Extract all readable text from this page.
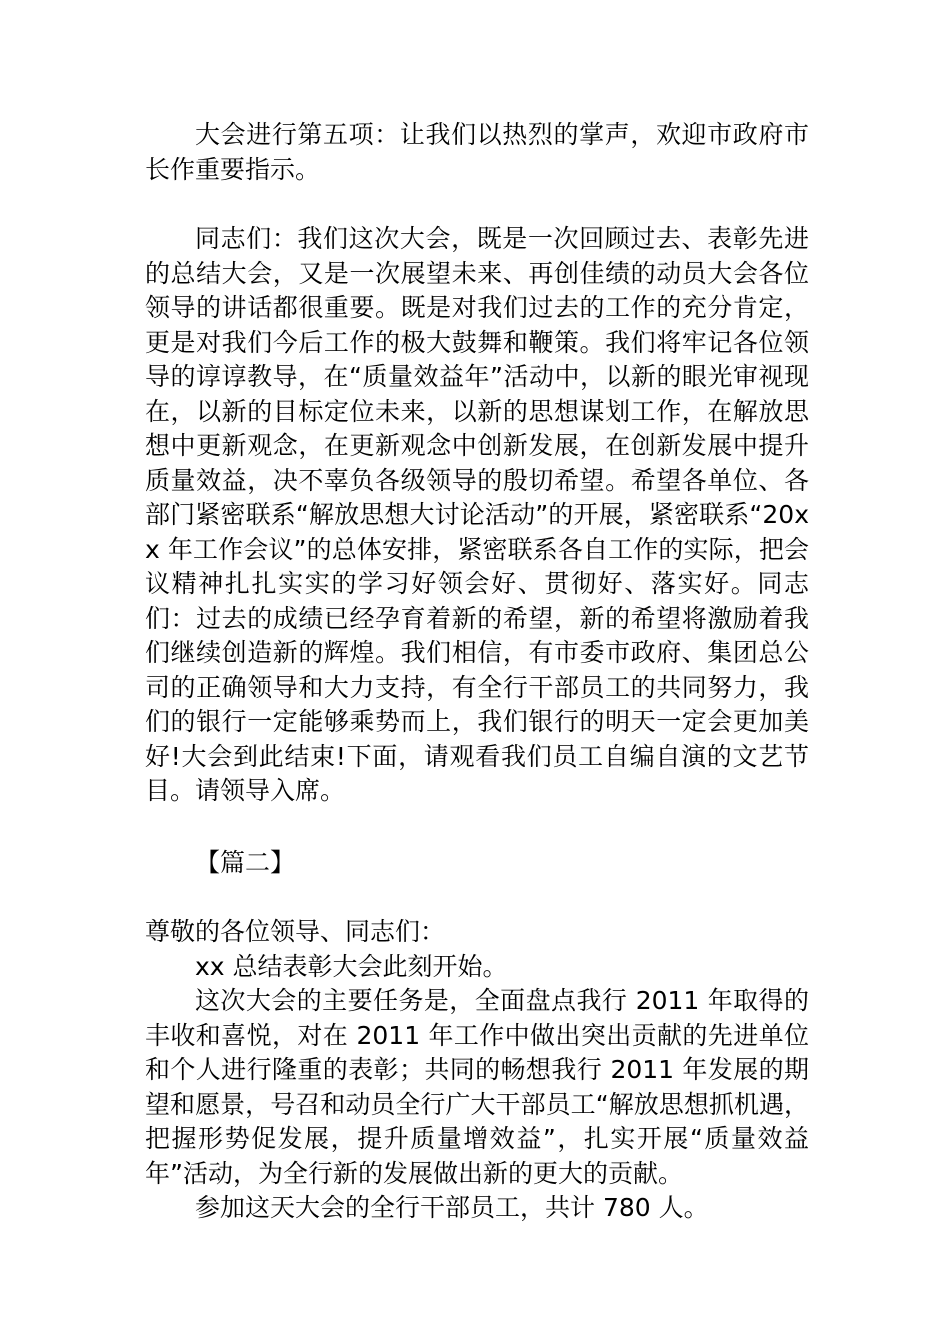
大会进行第五项：让我们以热烈的掌声，欢迎市政府市长作重要指示。

同志们：我们这次大会，既是一次回顾过去、表彰先进的总结大会，又是一次展望未来、再创佳绩的动员大会各位领导的讲话都很重要。既是对我们过去的工作的充分肯定，更是对我们今后工作的极大鼓舞和鞭策。我们将牢记各位领导的谆谆教导，在“质量效益年”活动中，以新的眼光审视现在，以新的目标定位未来，以新的思想谋划工作，在解放思想中更新观念，在更新观念中创新发展，在创新发展中提升质量效益，决不辜负各级领导的殷切希望。希望各单位、各部门紧密联系“解放思想大讨论活动”的开展，紧密联系“20xx 年工作会议”的总体安排，紧密联系各自工作的实际，把会议精神扎扎实实的学习好领会好、贯彻好、落实好。同志们：过去的成绩已经孕育着新的希望，新的希望将激励着我们继续创造新的辉煌。我们相信，有市委市政府、集团总公司的正确领导和大力支持，有全行干部员工的共同努力，我们的银行一定能够乘势而上，我们银行的明天一定会更加美好!大会到此结束!下面，请观看我们员工自编自演的文艺节目。请领导入席。

【篇二】

尊敬的各位领导、同志们：

xx 总结表彰大会此刻开始。

这次大会的主要任务是，全面盘点我行 2011 年取得的丰收和喜悦，对在 2011 年工作中做出突出贡献的先进单位和个人进行隆重的表彰；共同的畅想我行 2011 年发展的期望和愿景，号召和动员全行广大干部员工“解放思想抓机遇，把握形势促发展，提升质量增效益”，扎实开展“质量效益年”活动，为全行新的发展做出新的更大的贡献。

参加这天大会的全行干部员工，共计 780 人。
